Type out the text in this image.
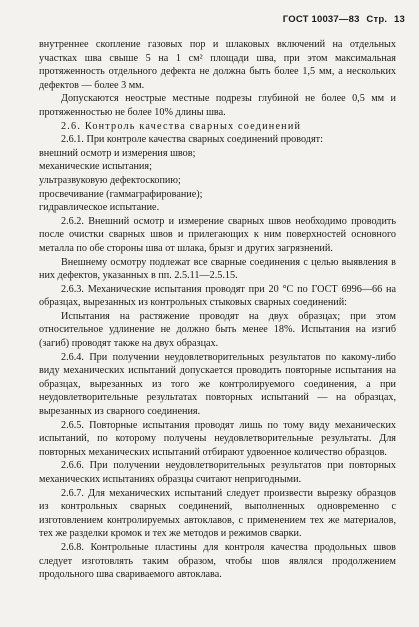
ГОСТ 10037—83 Стр. 13

внутреннее скопление газовых пор и шлаковых включений на отдельных участках шва свыше 5 на 1 см² площади шва, при этом максимальная протяженность отдельного дефекта не должна быть более 1,5 мм, а нескольких дефектов — более 3 мм.

Допускаются неострые местные подрезы глубиной не более 0,5 мм и протяженностью не более 10% длины шва.

2.6. Контроль качества сварных соединений

2.6.1. При контроле качества сварных соединений проводят:

внешний осмотр и измерения швов;

механические испытания;

ультразвуковую дефектоскопию;

просвечивание (гаммаграфирование);

гидравлическое испытание.

2.6.2. Внешний осмотр и измерение сварных швов необходимо проводить после очистки сварных швов и прилегающих к ним поверхностей основного металла по обе стороны шва от шлака, брызг и других загрязнений.

Внешнему осмотру подлежат все сварные соединения с целью выявления в них дефектов, указанных в пп. 2.5.11—2.5.15.

2.6.3. Механические испытания проводят при 20 °С по ГОСТ 6996—66 на образцах, вырезанных из контрольных стыковых сварных соединений:

Испытания на растяжение проводят на двух образцах; при этом относительное удлинение не должно быть менее 18%. Испытания на изгиб (загиб) проводят также на двух образцах.

2.6.4. При получении неудовлетворительных результатов по какому-либо виду механических испытаний допускается проводить повторные испытания на образцах, вырезанных из того же контролируемого соединения, а при неудовлетворительные результатах повторных испытаний — на образцах, вырезанных из сварного соединения.

2.6.5. Повторные испытания проводят лишь по тому виду механических испытаний, по которому получены неудовлетворительные результаты. Для повторных механических испытаний отбирают удвоенное количество образцов.

2.6.6. При получении неудовлетворительных результатов при повторных механических испытаниях образцы считают непригодными.

2.6.7. Для механических испытаний следует произвести вырезку образцов из контрольных сварных соединений, выполненных одновременно с изготовлением контролируемых автоклавов, с применением тех же материалов, тех же разделки кромок и тех же методов и режимов сварки.

2.6.8. Контрольные пластины для контроля качества продольных швов следует изготовлять таким образом, чтобы шов являлся продолжением продольного шва свариваемого автоклава.
